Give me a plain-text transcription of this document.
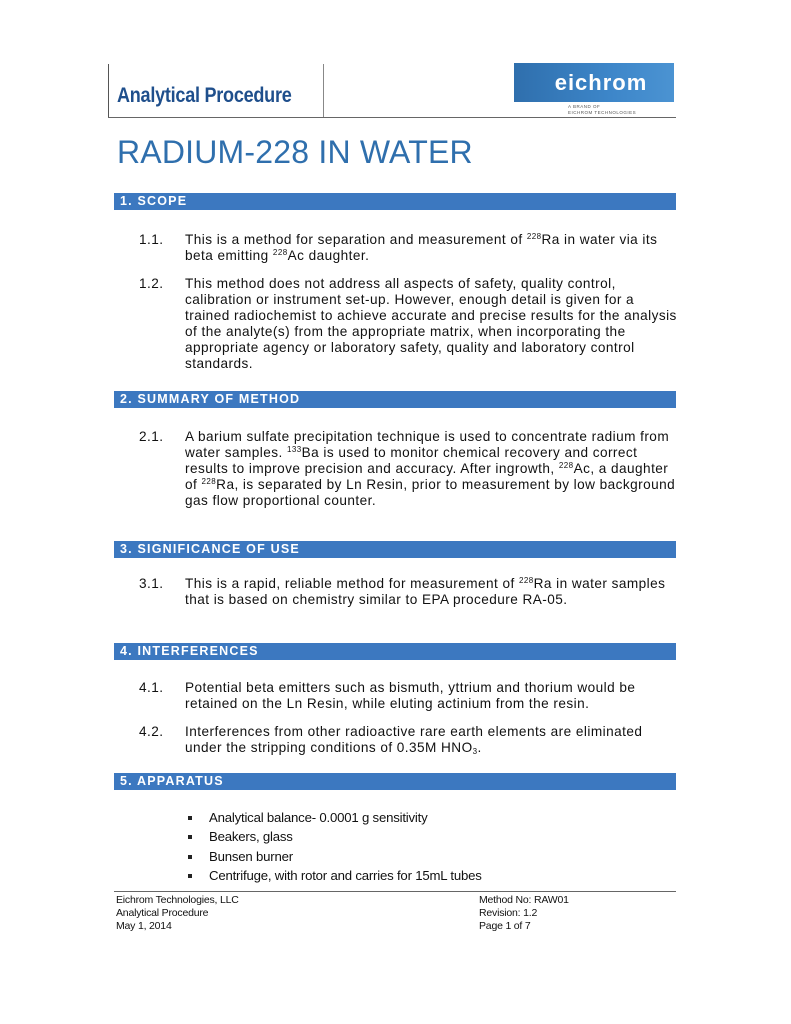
Analytical Procedure
eichrom
A BRAND OF
EICHROM TECHNOLOGIES
RADIUM-228 IN WATER
1. SCOPE
1.1. This is a method for separation and measurement of $^{228}$Ra in water via its beta emitting $^{228}$Ac daughter.
1.2. This method does not address all aspects of safety, quality control, calibration or instrument set-up. However, enough detail is given for a trained radiochemist to achieve accurate and precise results for the analysis of the analyte(s) from the appropriate matrix, when incorporating the appropriate agency or laboratory safety, quality and laboratory control standards.
2. SUMMARY OF METHOD
2.1. A barium sulfate precipitation technique is used to concentrate radium from water samples. $^{133}$Ba is used to monitor chemical recovery and correct results to improve precision and accuracy. After ingrowth, $^{228}$Ac, a daughter of $^{228}$Ra, is separated by Ln Resin, prior to measurement by low background gas flow proportional counter.
3. SIGNIFICANCE OF USE
3.1. This is a rapid, reliable method for measurement of $^{228}$Ra in water samples that is based on chemistry similar to EPA procedure RA-05.
4. INTERFERENCES
4.1. Potential beta emitters such as bismuth, yttrium and thorium would be retained on the Ln Resin, while eluting actinium from the resin.
4.2. Interferences from other radioactive rare earth elements are eliminated under the stripping conditions of 0.35M $HNO_3$.
5. APPARATUS
Analytical balance- 0.0001 g sensitivity
Beakers, glass
Bunsen burner
Centrifuge, with rotor and carries for 15mL tubes
Eichrom Technologies, LLC
Analytical Procedure
May 1, 2014
Method No: RAW01
Revision: 1.2
Page 1 of 7
